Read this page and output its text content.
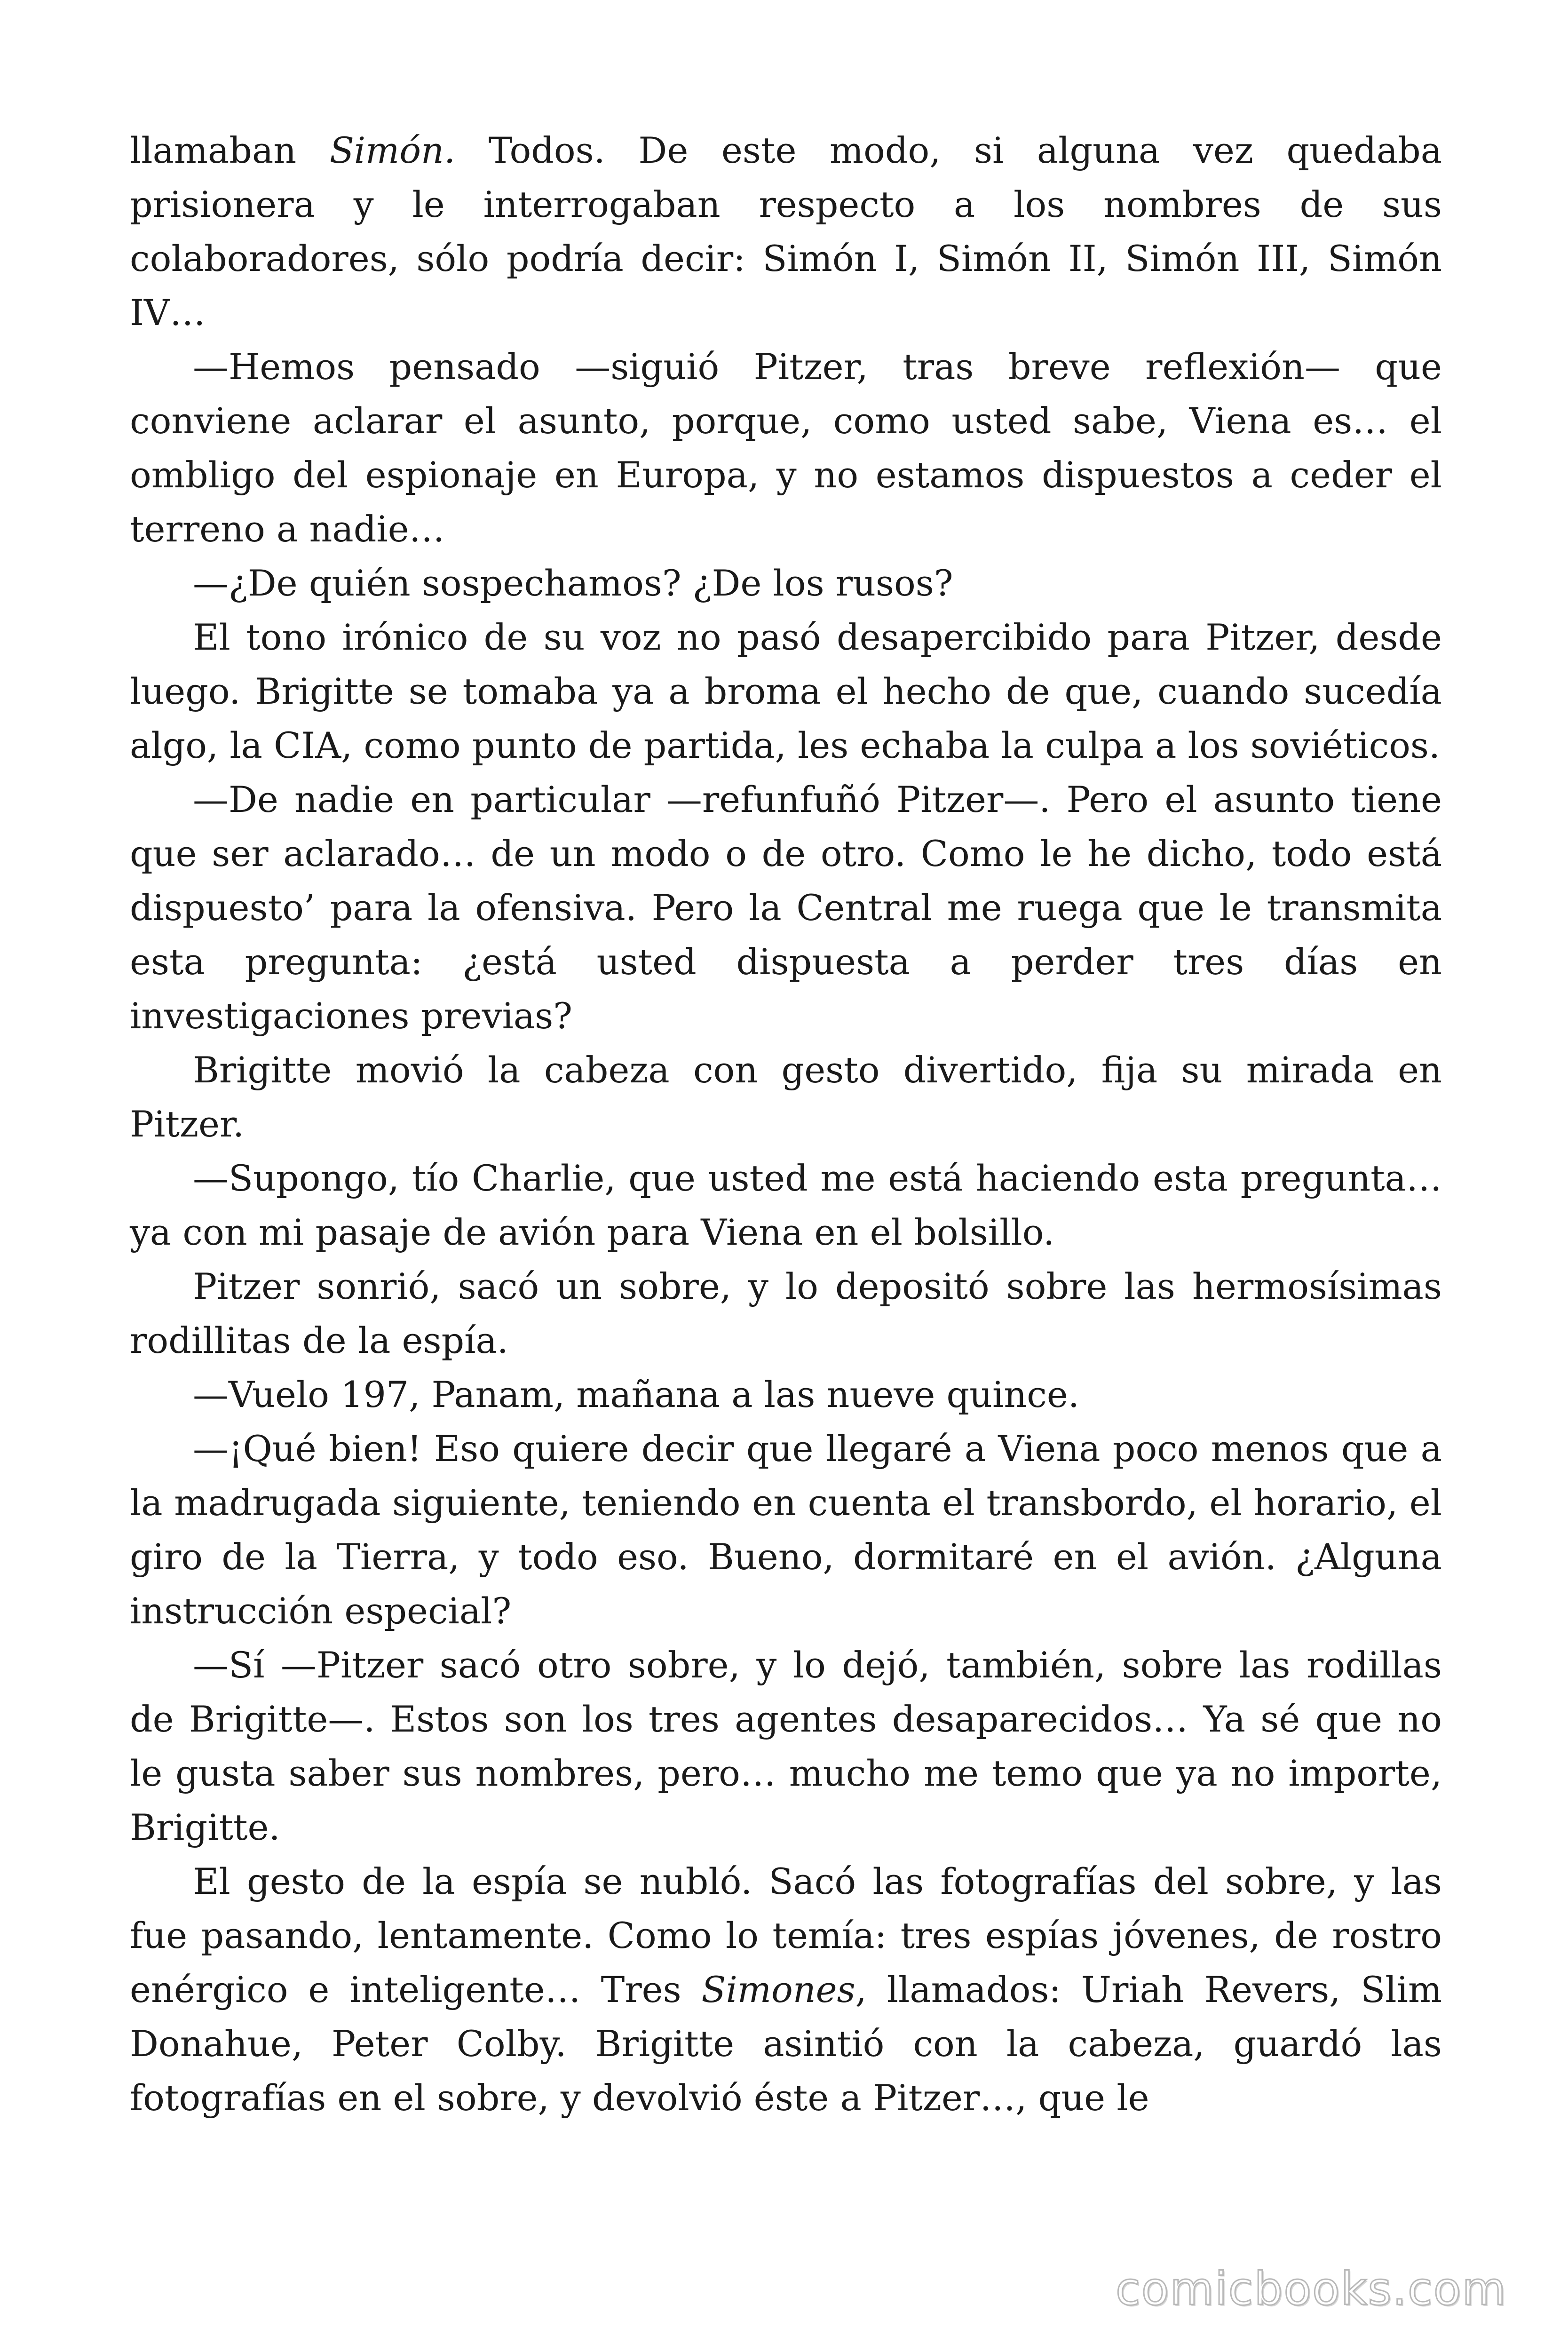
llamaban Simón. Todos. De este modo, si alguna vez quedaba prisionera y le interrogaban respecto a los nombres de sus colaboradores, sólo podría decir: Simón I, Simón II, Simón III, Simón IV…

—Hemos pensado —siguió Pitzer, tras breve reflexión— que conviene aclarar el asunto, porque, como usted sabe, Viena es… el ombligo del espionaje en Europa, y no estamos dispuestos a ceder el terreno a nadie…

—¿De quién sospechamos? ¿De los rusos?

El tono irónico de su voz no pasó desapercibido para Pitzer, desde luego. Brigitte se tomaba ya a broma el hecho de que, cuando sucedía algo, la CIA, como punto de partida, les echaba la culpa a los soviéticos.

—De nadie en particular —refunfuñó Pitzer—. Pero el asunto tiene que ser aclarado… de un modo o de otro. Como le he dicho, todo está dispuesto’ para la ofensiva. Pero la Central me ruega que le transmita esta pregunta: ¿está usted dispuesta a perder tres días en investigaciones previas?

Brigitte movió la cabeza con gesto divertido, fija su mirada en Pitzer.

—Supongo, tío Charlie, que usted me está haciendo esta pregunta… ya con mi pasaje de avión para Viena en el bolsillo.

Pitzer sonrió, sacó un sobre, y lo depositó sobre las hermosísimas rodillitas de la espía.

—Vuelo 197, Panam, mañana a las nueve quince.

—¡Qué bien! Eso quiere decir que llegaré a Viena poco menos que a la madrugada siguiente, teniendo en cuenta el transbordo, el horario, el giro de la Tierra, y todo eso. Bueno, dormitaré en el avión. ¿Alguna instrucción especial?

—Sí —Pitzer sacó otro sobre, y lo dejó, también, sobre las rodillas de Brigitte—. Estos son los tres agentes desaparecidos… Ya sé que no le gusta saber sus nombres, pero… mucho me temo que ya no importe, Brigitte.

El gesto de la espía se nubló. Sacó las fotografías del sobre, y las fue pasando, lentamente. Como lo temía: tres espías jóvenes, de rostro enérgico e inteligente… Tres Simones, llamados: Uriah Revers, Slim Donahue, Peter Colby. Brigitte asintió con la cabeza, guardó las fotografías en el sobre, y devolvió éste a Pitzer…, que le

comicbooks.com
